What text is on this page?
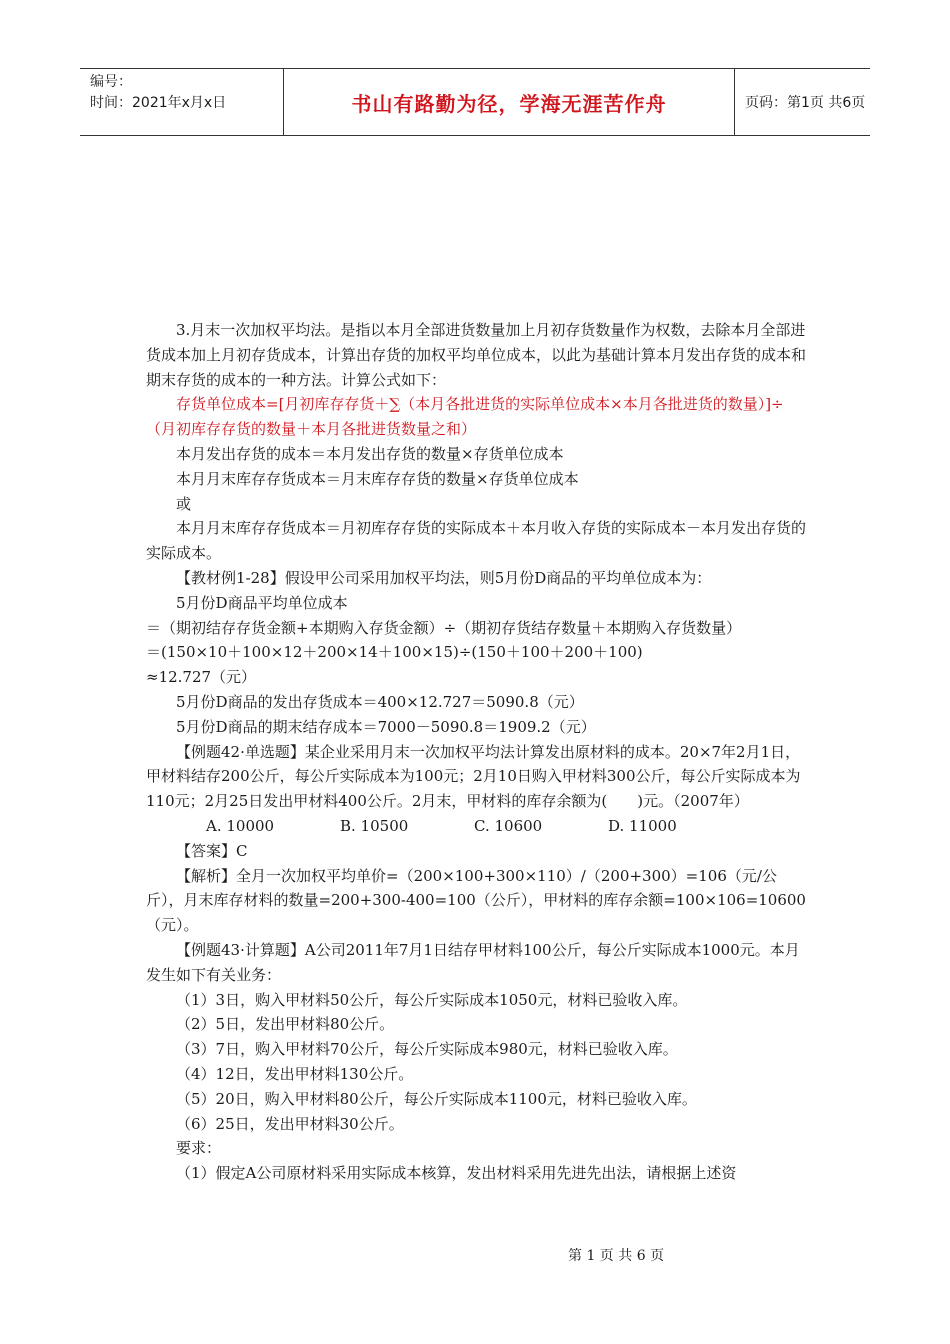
编号：
时间：2021年x月x日	书山有路勤为径，学海无涯苦作舟	页码：第1页 共6页

3.月末一次加权平均法。是指以本月全部进货数量加上月初存货数量作为权数，去除本月全部进货成本加上月初存货成本，计算出存货的加权平均单位成本，以此为基础计算本月发出存货的成本和期末存货的成本的一种方法。计算公式如下：

存货单位成本=[月初库存存货＋∑（本月各批进货的实际单位成本×本月各批进货的数量）]÷（月初库存存货的数量＋本月各批进货数量之和）

本月发出存货的成本＝本月发出存货的数量×存货单位成本

本月月末库存存货成本＝月末库存存货的数量×存货单位成本

或

本月月末库存存货成本＝月初库存存货的实际成本＋本月收入存货的实际成本－本月发出存货的实际成本。

【教材例1-28】假设甲公司采用加权平均法，则5月份D商品的平均单位成本为：

5月份D商品平均单位成本

＝（期初结存存货金额+本期购入存货金额）÷（期初存货结存数量＋本期购入存货数量）

＝(150×10＋100×12＋200×14＋100×15)÷(150＋100＋200＋100)

≈12.727（元）

5月份D商品的发出存货成本＝400×12.727＝5090.8（元）

5月份D商品的期末结存成本＝7000－5090.8＝1909.2（元）

【例题42·单选题】某企业采用月末一次加权平均法计算发出原材料的成本。20×7年2月1日，甲材料结存200公斤，每公斤实际成本为100元；2月10日购入甲材料300公斤，每公斤实际成本为110元；2月25日发出甲材料400公斤。2月末，甲材料的库存余额为(　　)元。（2007年）

A. 10000	B. 10500	C. 10600	D. 11000

【答案】C

【解析】全月一次加权平均单价=（200×100+300×110）/（200+300）=106（元/公斤），月末库存材料的数量=200+300-400=100（公斤），甲材料的库存余额=100×106=10600（元）。

【例题43·计算题】A公司2011年7月1日结存甲材料100公斤，每公斤实际成本1000元。本月发生如下有关业务：

（1）3日，购入甲材料50公斤，每公斤实际成本1050元，材料已验收入库。

（2）5日，发出甲材料80公斤。

（3）7日，购入甲材料70公斤，每公斤实际成本980元，材料已验收入库。

（4）12日，发出甲材料130公斤。

（5）20日，购入甲材料80公斤，每公斤实际成本1100元，材料已验收入库。

（6）25日，发出甲材料30公斤。

要求：

（1）假定A公司原材料采用实际成本核算，发出材料采用先进先出法，请根据上述资

第 1 页 共 6 页
